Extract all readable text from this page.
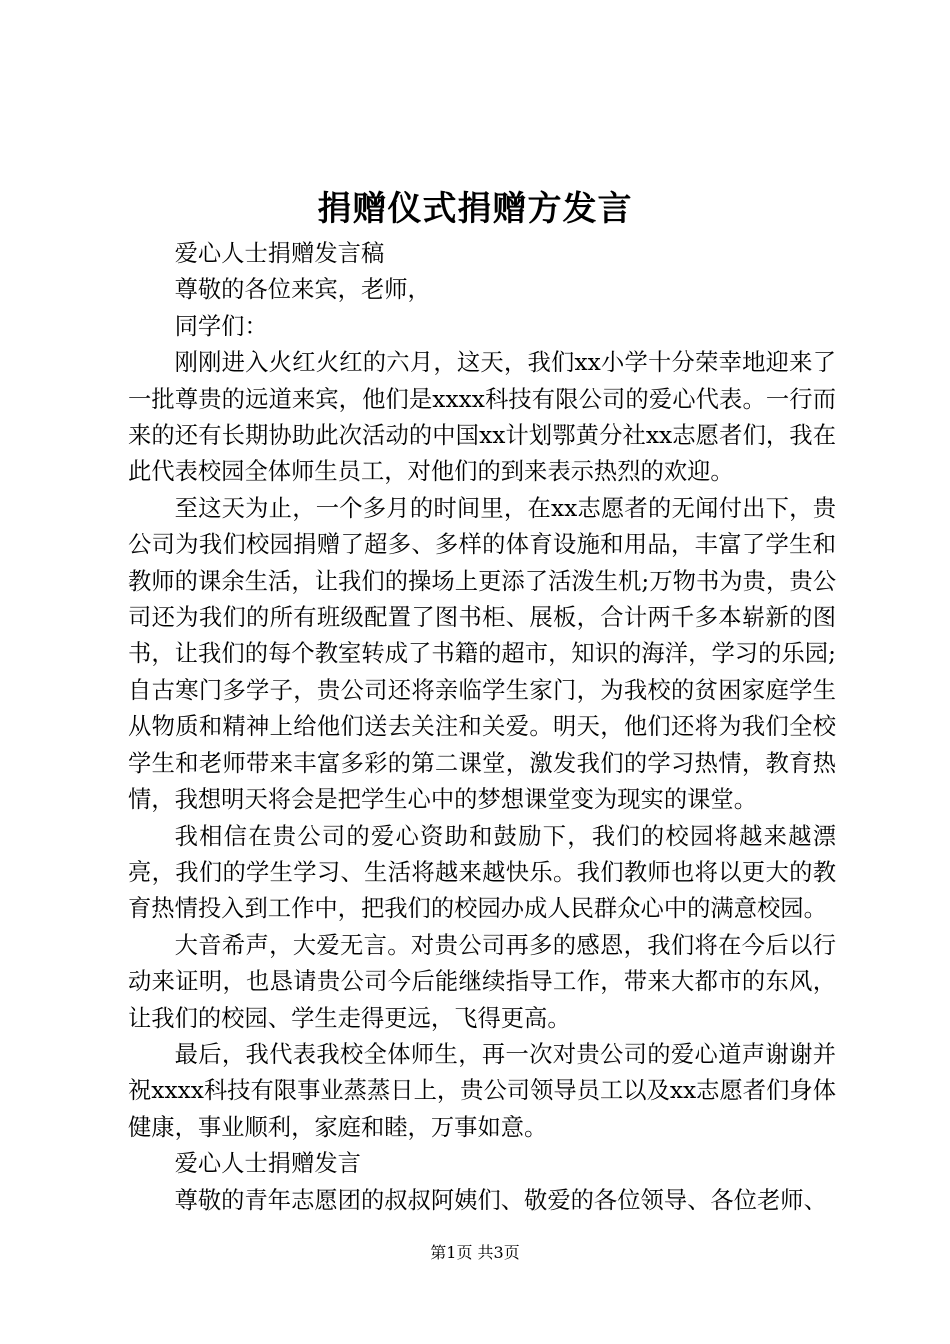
捐赠仪式捐赠方发言

爱心人士捐赠发言稿

尊敬的各位来宾，老师，

同学们：

刚刚进入火红火红的六月，这天，我们xx小学十分荣幸地迎来了一批尊贵的远道来宾，他们是xxxx科技有限公司的爱心代表。一行而来的还有长期协助此次活动的中国xx计划鄂黄分社xx志愿者们，我在此代表校园全体师生员工，对他们的到来表示热烈的欢迎。

至这天为止，一个多月的时间里，在xx志愿者的无闻付出下，贵公司为我们校园捐赠了超多、多样的体育设施和用品，丰富了学生和教师的课余生活，让我们的操场上更添了活泼生机;万物书为贵，贵公司还为我们的所有班级配置了图书柜、展板，合计两千多本崭新的图书，让我们的每个教室转成了书籍的超市，知识的海洋，学习的乐园;自古寒门多学子，贵公司还将亲临学生家门，为我校的贫困家庭学生从物质和精神上给他们送去关注和关爱。明天，他们还将为我们全校学生和老师带来丰富多彩的第二课堂，激发我们的学习热情，教育热情，我想明天将会是把学生心中的梦想课堂变为现实的课堂。

我相信在贵公司的爱心资助和鼓励下，我们的校园将越来越漂亮，我们的学生学习、生活将越来越快乐。我们教师也将以更大的教育热情投入到工作中，把我们的校园办成人民群众心中的满意校园。

大音希声，大爱无言。对贵公司再多的感恩，我们将在今后以行动来证明，也恳请贵公司今后能继续指导工作，带来大都市的东风，让我们的校园、学生走得更远，飞得更高。

最后，我代表我校全体师生，再一次对贵公司的爱心道声谢谢并祝xxxx科技有限事业蒸蒸日上，贵公司领导员工以及xx志愿者们身体健康，事业顺利，家庭和睦，万事如意。

爱心人士捐赠发言

尊敬的青年志愿团的叔叔阿姨们、敬爱的各位领导、各位老师、

第1页 共3页
